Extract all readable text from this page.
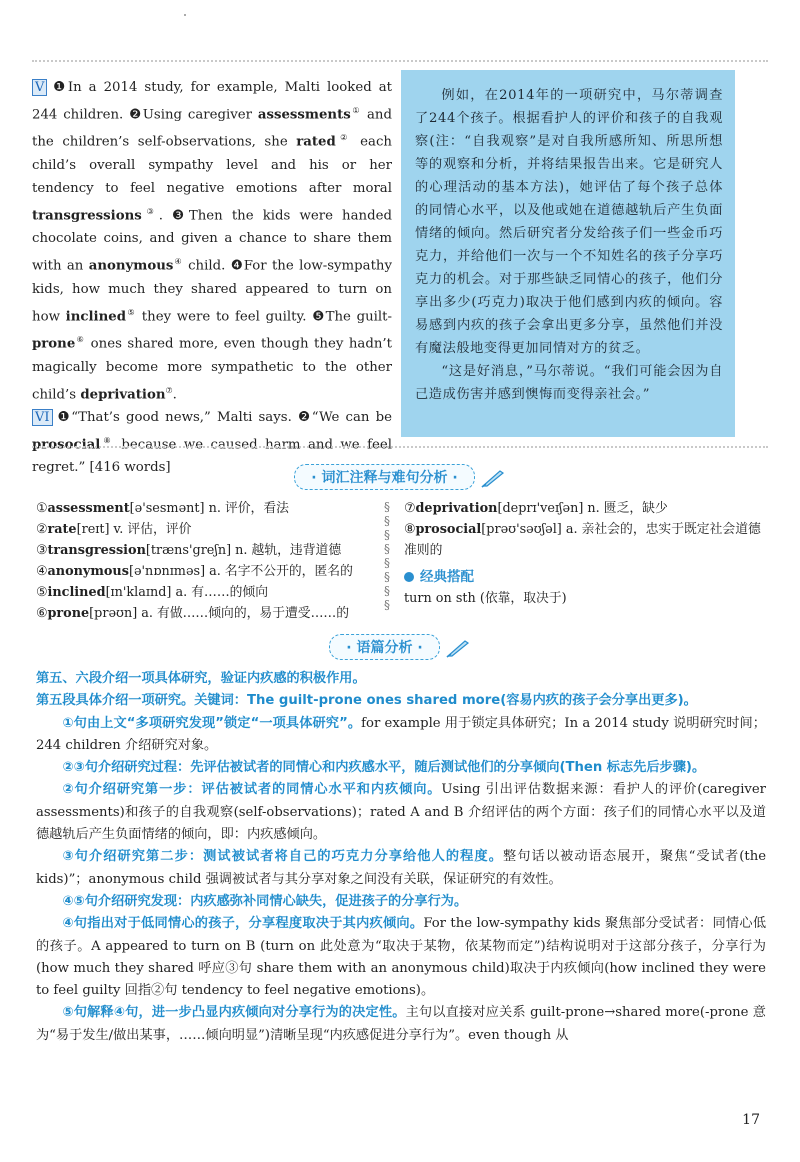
V ❶In a 2014 study, for example, Malti looked at 244 children. ❷Using caregiver assessments① and the children’s self-observations, she rated② each child’s overall sympathy level and his or her tendency to feel negative emotions after moral transgressions③. ❸Then the kids were handed chocolate coins, and given a chance to share them with an anonymous④ child. ❹For the low-sympathy kids, how much they shared appeared to turn on how inclined⑤ they were to feel guilty. ❺The guilt-prone⑥ ones shared more, even though they hadn’t magically become more sympathetic to the other child’s deprivation⑦.

VI ❶“That’s good news,” Malti says. ❷“We can be prosocial⑧ because we caused harm and we feel regret.” [416 words]

例如，在2014年的一项研究中，马尔蒂调查了244个孩子。根据看护人的评价和孩子的自我观察(注：“自我观察”是对自我所感所知、所思所想等的观察和分析，并将结果报告出来。它是研究人的心理活动的基本方法)，她评估了每个孩子总体的同情心水平，以及他或她在道德越轨后产生负面情绪的倾向。然后研究者分发给孩子们一些金币巧克力，并给他们一次与一个不知姓名的孩子分享巧克力的机会。对于那些缺乏同情心的孩子，他们分享出多少(巧克力)取决于他们感到内疚的倾向。容易感到内疚的孩子会拿出更多分享，虽然他们并没有魔法般地变得更加同情对方的贫乏。

“这是好消息，”马尔蒂说。“我们可能会因为自己造成伤害并感到懊悔而变得亲社会。”

· 词汇注释与难句分析 ·
①assessment[ə'sesmənt] n. 评价，看法
②rate[reɪt] v. 评估，评价
③transgression[træns'greʃn] n. 越轨，违背道德
④anonymous[ə'nɒnɪməs] a. 名字不公开的，匿名的
⑤inclined[ɪn'klaɪnd] a. 有……的倾向
⑥prone[prəʊn] a. 有做……倾向的，易于遭受……的
§
§
§
§
§
§
§
§
⑦deprivation[deprɪ'veɪʃən] n. 匮乏，缺少
⑧prosocial[prəʊ'səʊʃəl] a. 亲社会的，忠实于既定社会道德准则的
经典搭配
turn on sth (依靠，取决于)
· 语篇分析 ·

第五、六段介绍一项具体研究，验证内疚感的积极作用。

第五段具体介绍一项研究。关键词：The guilt-prone ones shared more(容易内疚的孩子会分享出更多)。

①句由上文“多项研究发现”锁定“一项具体研究”。for example 用于锁定具体研究；In a 2014 study 说明研究时间；244 children 介绍研究对象。

②③句介绍研究过程：先评估被试者的同情心和内疚感水平，随后测试他们的分享倾向(Then 标志先后步骤)。

②句介绍研究第一步：评估被试者的同情心水平和内疚倾向。Using 引出评估数据来源：看护人的评价(caregiver assessments)和孩子的自我观察(self-observations)；rated A and B 介绍评估的两个方面：孩子们的同情心水平以及道德越轨后产生负面情绪的倾向，即：内疚感倾向。

③句介绍研究第二步：测试被试者将自己的巧克力分享给他人的程度。整句话以被动语态展开，聚焦“受试者(the kids)”；anonymous child 强调被试者与其分享对象之间没有关联，保证研究的有效性。

④⑤句介绍研究发现：内疚感弥补同情心缺失，促进孩子的分享行为。

④句指出对于低同情心的孩子，分享程度取决于其内疚倾向。For the low-sympathy kids 聚焦部分受试者：同情心低的孩子。A appeared to turn on B (turn on 此处意为“取决于某物，依某物而定”)结构说明对于这部分孩子，分享行为(how much they shared 呼应③句 share them with an anonymous child)取决于内疚倾向(how inclined they were to feel guilty 回指②句 tendency to feel negative emotions)。

⑤句解释④句，进一步凸显内疚倾向对分享行为的决定性。主句以直接对应关系 guilt-prone→shared more(-prone 意为“易于发生/做出某事，……倾向明显”)清晰呈现“内疚感促进分享行为”。even though 从

17
